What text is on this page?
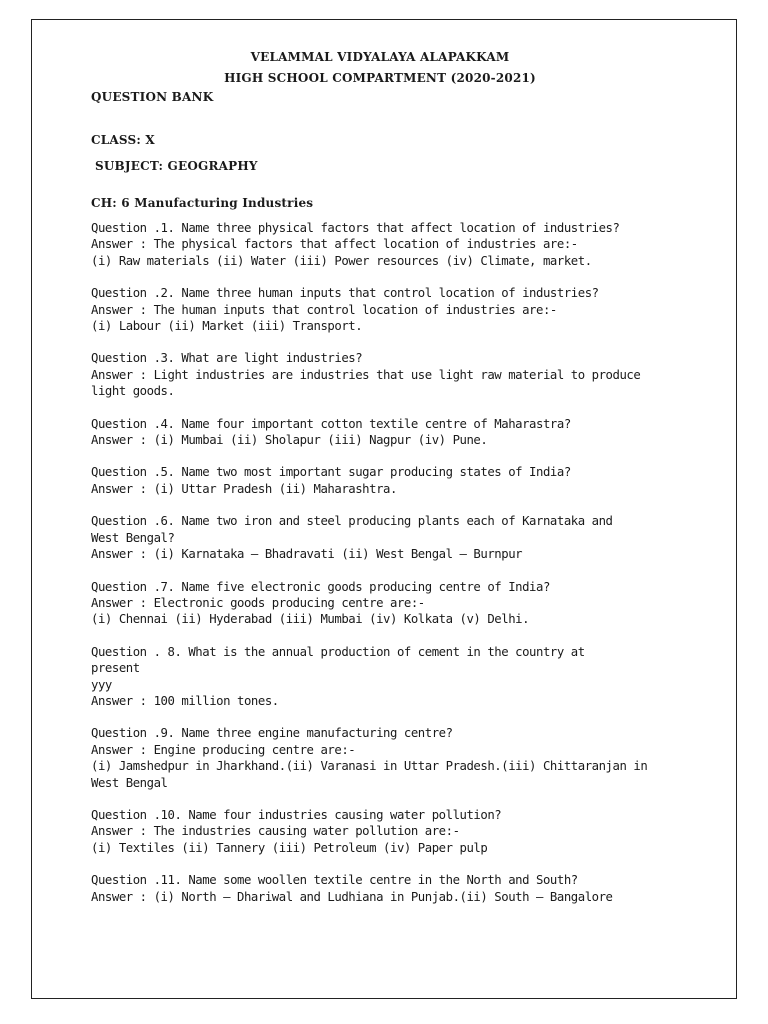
VELAMMAL VIDYALAYA ALAPAKKAM
HIGH SCHOOL COMPARTMENT (2020-2021)
QUESTION BANK
CLASS: X
SUBJECT: GEOGRAPHY
CH: 6 Manufacturing Industries
Question .1. Name three physical factors that affect location of industries?
Answer : The physical factors that affect location of industries are:-
(i) Raw materials (ii) Water (iii) Power resources (iv) Climate, market.
Question .2. Name three human inputs that control location of industries?
Answer : The human inputs that control location of industries are:-
(i) Labour (ii) Market (iii) Transport.
Question .3. What are light industries?
Answer : Light industries are industries that use light raw material to produce
light goods.
Question .4. Name four important cotton textile centre of Maharastra?
Answer : (i) Mumbai (ii) Sholapur (iii) Nagpur (iv) Pune.
Question .5. Name two most important sugar producing states of India?
Answer : (i) Uttar Pradesh (ii) Maharashtra.
Question .6. Name two iron and steel producing plants each of Karnataka and
West Bengal?
Answer : (i) Karnataka – Bhadravati (ii) West Bengal – Burnpur
Question .7. Name five electronic goods producing centre of India?
Answer : Electronic goods producing centre are:-
(i) Chennai (ii) Hyderabad (iii) Mumbai (iv) Kolkata (v) Delhi.
Question . 8. What is the annual production of cement in the country at
present
yyy
Answer : 100 million tones.
Question .9. Name three engine manufacturing centre?
Answer : Engine producing centre are:-
(i) Jamshedpur in Jharkhand.(ii) Varanasi in Uttar Pradesh.(iii) Chittaranjan in
West Bengal
Question .10. Name four industries causing water pollution?
Answer : The industries causing water pollution are:-
(i) Textiles (ii) Tannery (iii) Petroleum (iv) Paper pulp
Question .11. Name some woollen textile centre in the North and South?
Answer : (i) North – Dhariwal and Ludhiana in Punjab.(ii) South – Bangalore
